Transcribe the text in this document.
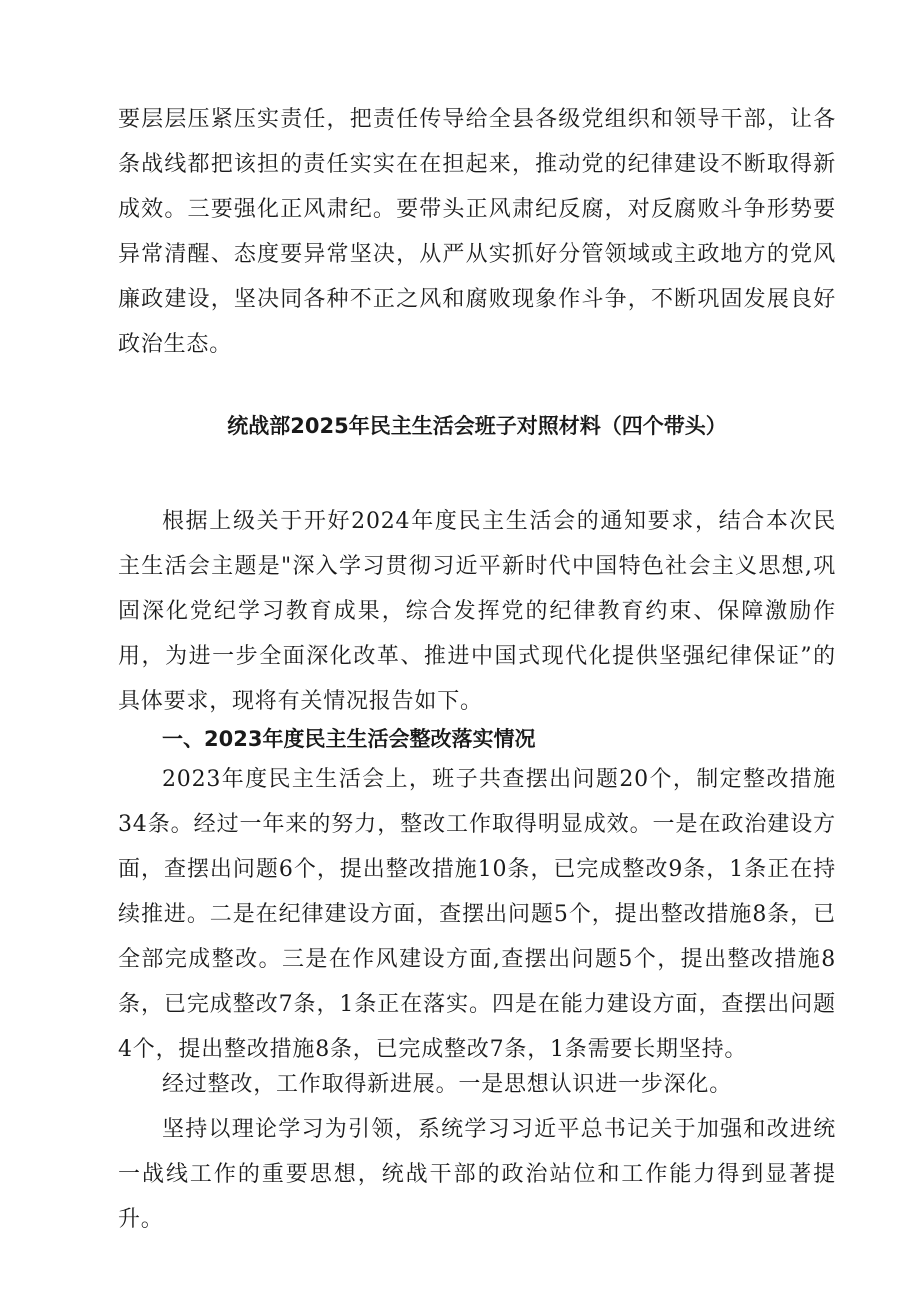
要层层压紧压实责任，把责任传导给全县各级党组织和领导干部，让各条战线都把该担的责任实实在在担起来，推动党的纪律建设不断取得新成效。三要强化正风肃纪。要带头正风肃纪反腐，对反腐败斗争形势要异常清醒、态度要异常坚决，从严从实抓好分管领域或主政地方的党风廉政建设，坚决同各种不正之风和腐败现象作斗争，不断巩固发展良好政治生态。

统战部2025年民主生活会班子对照材料（四个带头）

根据上级关于开好2024年度民主生活会的通知要求，结合本次民主生活会主题是"深入学习贯彻习近平新时代中国特色社会主义思想,巩固深化党纪学习教育成果，综合发挥党的纪律教育约束、保障激励作用，为进一步全面深化改革、推进中国式现代化提供坚强纪律保证”的具体要求，现将有关情况报告如下。

一、2023年度民主生活会整改落实情况

2023年度民主生活会上，班子共查摆出问题20个，制定整改措施34条。经过一年来的努力，整改工作取得明显成效。一是在政治建设方面，查摆出问题6个，提出整改措施10条，已完成整改9条，1条正在持续推进。二是在纪律建设方面，查摆出问题5个，提出整改措施8条，已全部完成整改。三是在作风建设方面,查摆出问题5个，提出整改措施8条，已完成整改7条，1条正在落实。四是在能力建设方面，查摆出问题4个，提出整改措施8条，已完成整改7条，1条需要长期坚持。

经过整改，工作取得新进展。一是思想认识进一步深化。

坚持以理论学习为引领，系统学习习近平总书记关于加强和改进统一战线工作的重要思想，统战干部的政治站位和工作能力得到显著提升。
